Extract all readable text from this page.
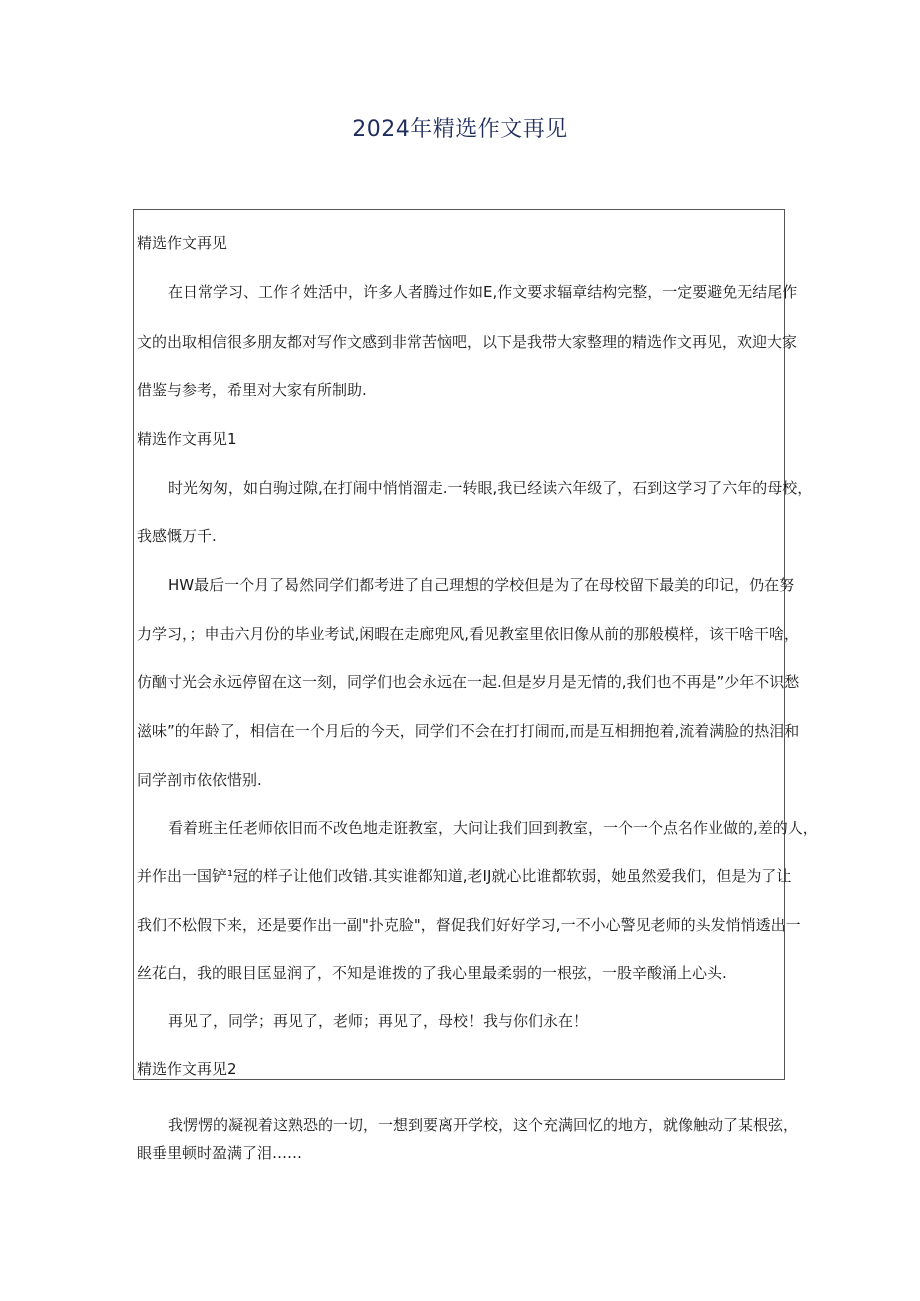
2024年精选作文再见
精选作文再见
在日常学习、工作彳姓活中，许多人者腾过作如E,作文要求辐章结构完整，一定要避免无结尾作
文的出取相信很多朋友都对写作文感到非常苦恼吧，以下是我带大家整理的精选作文再见，欢迎大家
借鉴与参考，希里对大家有所制助.
精选作文再见1
时光匆匆，如白驹过隙,在打闹中悄悄溜走.一转眼,我已经读六年级了，石到这学习了六年的母校，
我感慨万千.
HW最后一个月了曷然同学们都考进了自己理想的学校但是为了在母校留下最美的印记，仍在努
力学习，；申击六月份的毕业考试,闲暇在走廊兜风,看见教室里依旧像从前的那般模样，该干啥干啥，
仿酗寸光会永远停留在这一刻，同学们也会永远在一起.但是岁月是无情的,我们也不再是”少年不识愁
滋味”的年龄了，相信在一个月后的今天，同学们不会在打打闹而,而是互相拥抱着,流着满脸的热泪和
同学剖市依依惜别.
看着班主任老师依旧而不改色地走诳教室，大问让我们回到教室，一个一个点名作业做的,差的人，
并作出一国铲¹冠的样子让他们改错.其实谁都知道,老IJ就心比谁都软弱，她虽然爱我们，但是为了让
我们不松假下来，还是要作出一副"扑克脸"，督促我们好好学习,一不小心警见老师的头发悄悄透出一
丝花白，我的眼目匡显润了，不知是谁拨的了我心里最柔弱的一根弦，一股辛酸涌上心头.
再见了，同学；再见了，老师；再见了，母校！我与你们永在！
精选作文再见2
我愣愣的凝视着这熟恐的一切，一想到要离开学校，这个充满回忆的地方，就像触动了某根弦，
眼垂里顿时盈满了泪……
